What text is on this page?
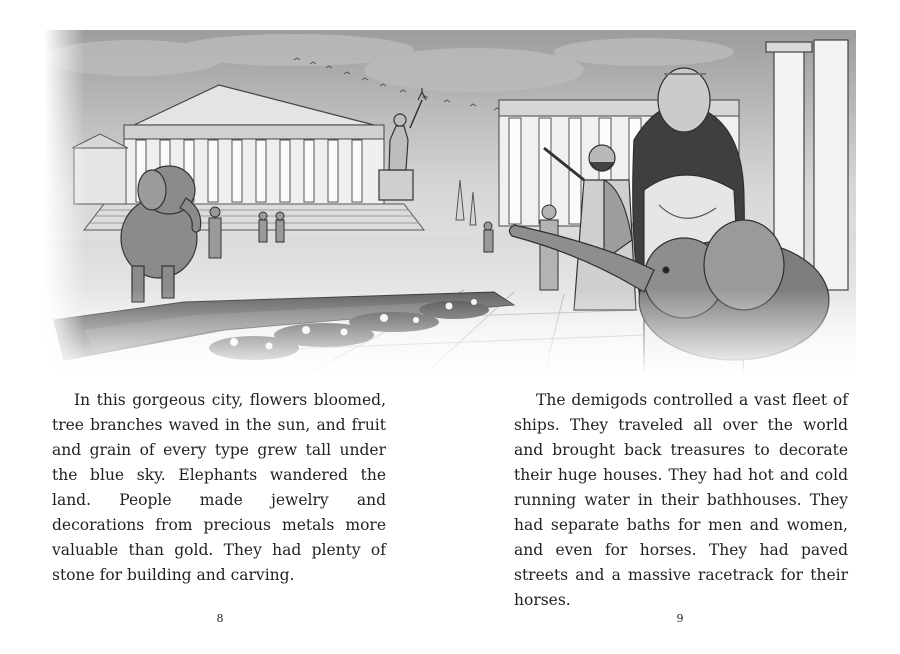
In this gorgeous city, flowers bloomed, tree branches waved in the sun, and fruit and grain of every type grew tall under the blue sky. Elephants wandered the land. People made jewelry and decorations from precious metals more valuable than gold. They had plenty of stone for building and carving.

The demigods controlled a vast fleet of ships. They traveled all over the world and brought back treasures to decorate their huge houses. They had hot and cold running water in their bathhouses. They had separate baths for men and women, and even for horses. They had paved streets and a massive racetrack for their horses.

8	9
